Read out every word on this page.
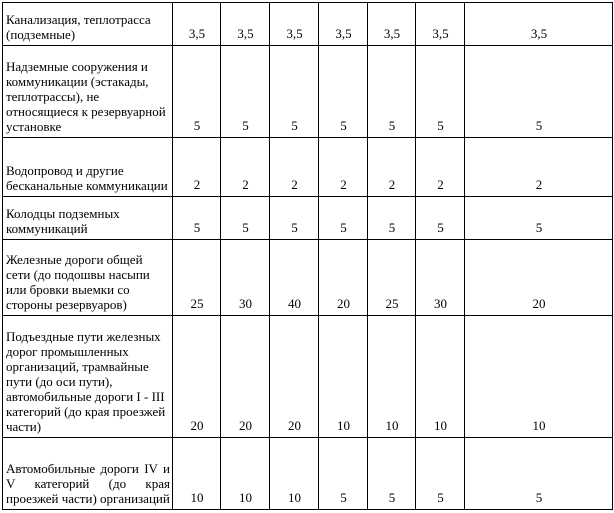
Канализация, теплотрасса (подземные)	3,5	3,5	3,5	3,5	3,5	3,5	3,5
Надземные сооружения и коммуникации (эстакады, теплотрассы), не относящиеся к резервуарной установке	5	5	5	5	5	5	5
Водопровод и другие бесканальные коммуникации	2	2	2	2	2	2	2
Колодцы подземных коммуникаций	5	5	5	5	5	5	5
Железные дороги общей сети (до подошвы насыпи или бровки выемки со стороны резервуаров)	25	30	40	20	25	30	20
Подъездные пути железных дорог промышленных организаций, трамвайные пути (до оси пути), автомобильные дороги I - III категорий (до края проезжей части)	20	20	20	10	10	10	10
Автомобильные дороги IV и V категорий (до края проезжей части) организаций	10	10	10	5	5	5	5
